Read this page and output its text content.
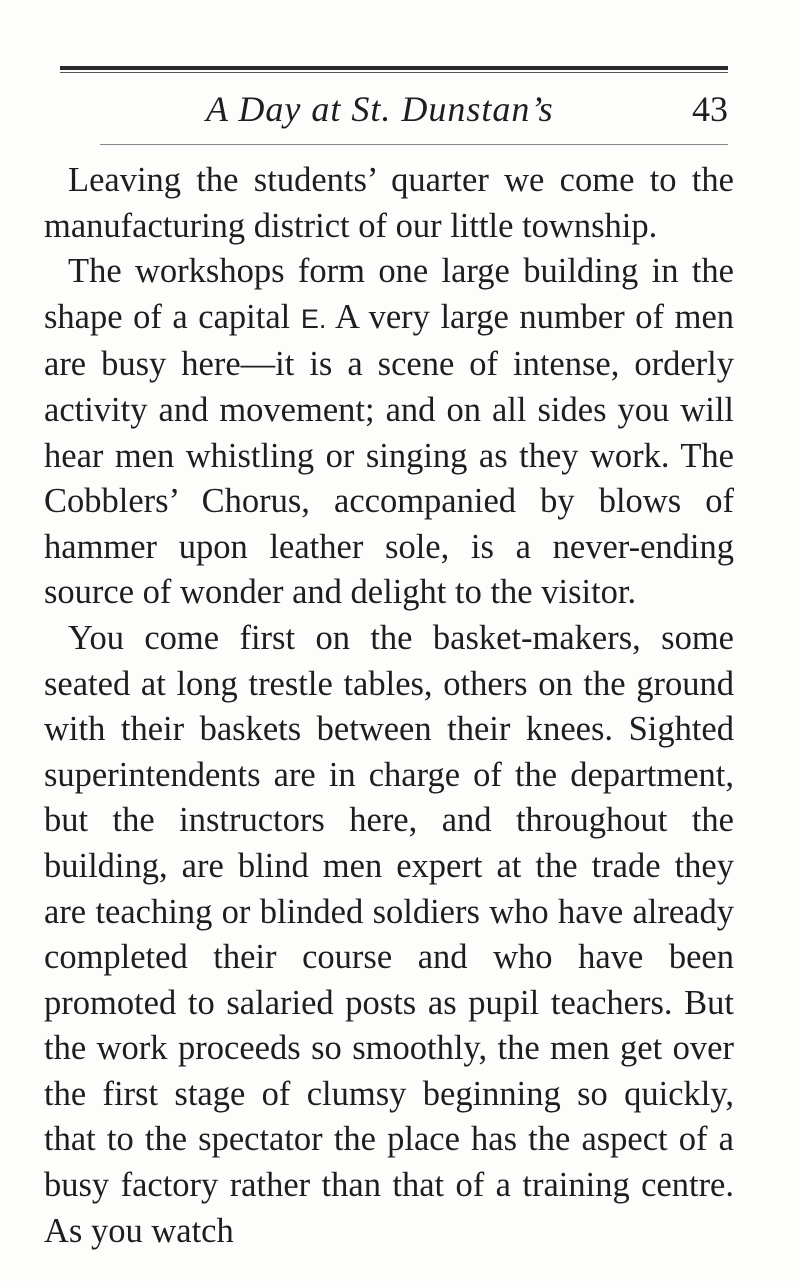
A Day at St. Dunstan’s	43

Leaving the students’ quarter we come to the manufacturing district of our little township.

The workshops form one large building in the shape of a capital E. A very large number of men are busy here—it is a scene of intense, orderly activity and movement; and on all sides you will hear men whistling or singing as they work. The Cobblers’ Chorus, accompanied by blows of hammer upon leather sole, is a never-ending source of wonder and delight to the visitor.

You come first on the basket-makers, some seated at long trestle tables, others on the ground with their baskets between their knees. Sighted superintendents are in charge of the department, but the instructors here, and throughout the building, are blind men expert at the trade they are teaching or blinded soldiers who have already completed their course and who have been promoted to salaried posts as pupil teachers. But the work proceeds so smoothly, the men get over the first stage of clumsy beginning so quickly, that to the spectator the place has the aspect of a busy factory rather than that of a training centre. As you watch
